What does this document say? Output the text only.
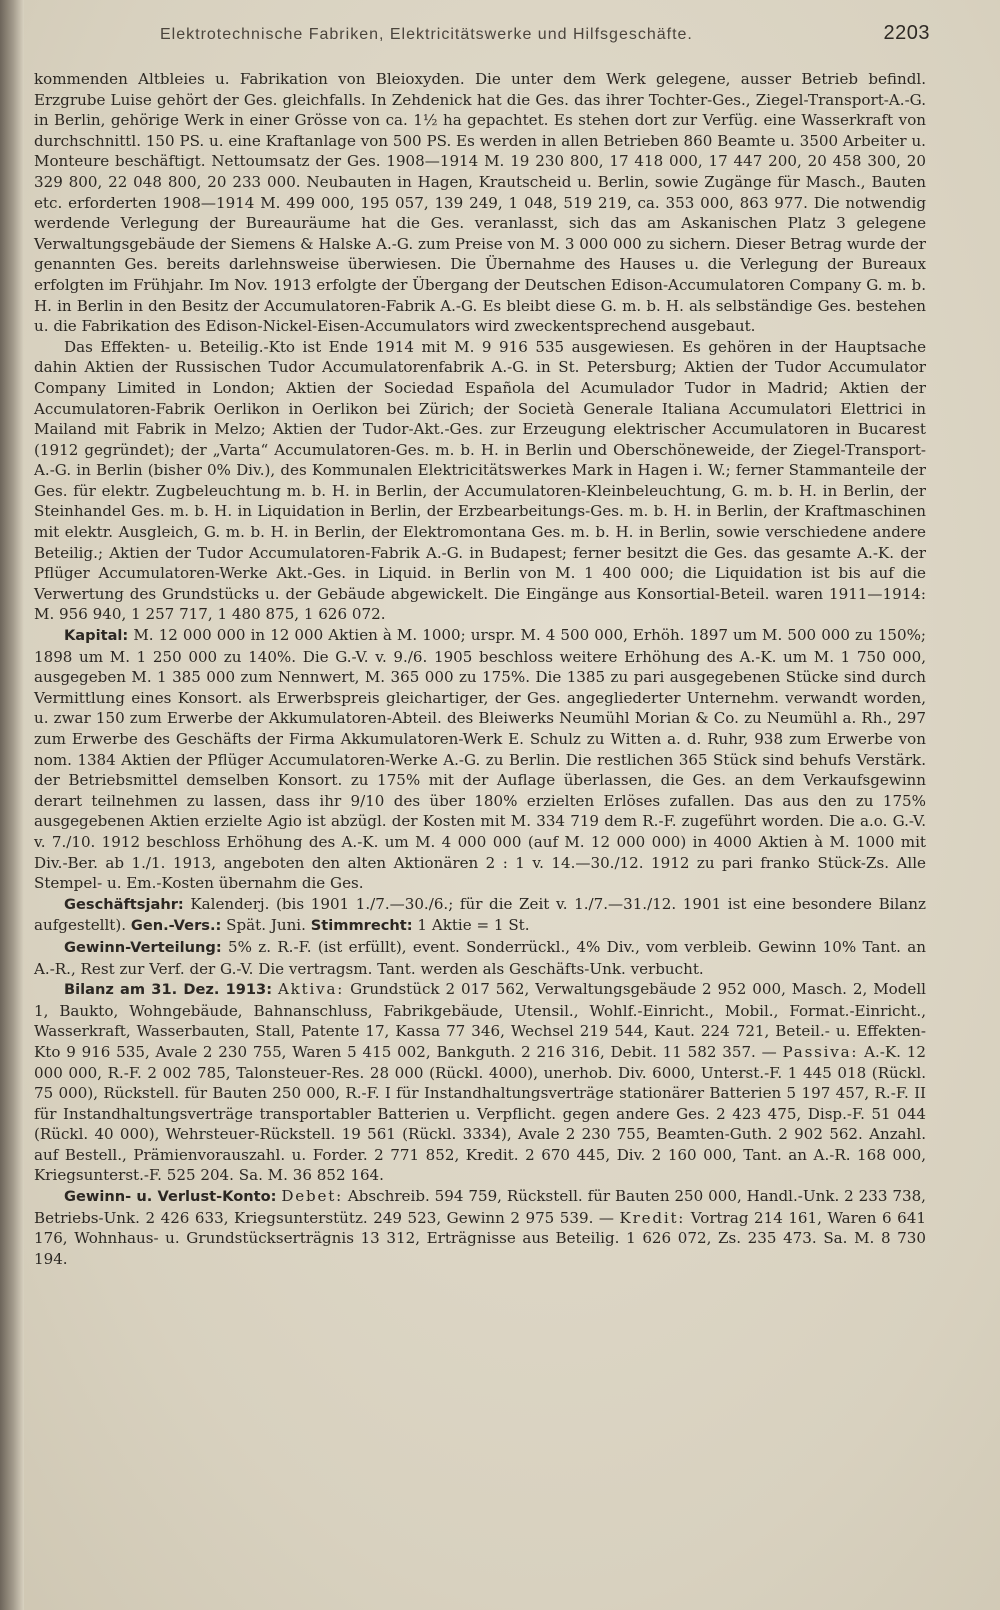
Elektrotechnische Fabriken, Elektricitätswerke und Hilfsgeschäfte.	2203

kommenden Altbleies u. Fabrikation von Bleioxyden. Die unter dem Werk gelegene, ausser Betrieb befindl. Erzgrube Luise gehört der Ges. gleichfalls. In Zehdenick hat die Ges. das ihrer Tochter-Ges., Ziegel-Transport-A.-G. in Berlin, gehörige Werk in einer Grösse von ca. 1½ ha gepachtet. Es stehen dort zur Verfüg. eine Wasserkraft von durchschnittl. 150 PS. u. eine Kraftanlage von 500 PS. Es werden in allen Betrieben 860 Beamte u. 3500 Arbeiter u. Monteure beschäftigt. Nettoumsatz der Ges. 1908—1914 M. 19 230 800, 17 418 000, 17 447 200, 20 458 300, 20 329 800, 22 048 800, 20 233 000. Neubauten in Hagen, Krautscheid u. Berlin, sowie Zugänge für Masch., Bauten etc. erforderten 1908—1914 M. 499 000, 195 057, 139 249, 1 048, 519 219, ca. 353 000, 863 977. Die notwendig werdende Verlegung der Bureauräume hat die Ges. veranlasst, sich das am Askanischen Platz 3 gelegene Verwaltungsgebäude der Siemens & Halske A.-G. zum Preise von M. 3 000 000 zu sichern. Dieser Betrag wurde der genannten Ges. bereits darlehnsweise überwiesen. Die Übernahme des Hauses u. die Verlegung der Bureaux erfolgten im Frühjahr. Im Nov. 1913 erfolgte der Übergang der Deutschen Edison-Accumulatoren Company G. m. b. H. in Berlin in den Besitz der Accumulatoren-Fabrik A.-G. Es bleibt diese G. m. b. H. als selbständige Ges. bestehen u. die Fabrikation des Edison-Nickel-Eisen-Accumulators wird zweckentsprechend ausgebaut.

Das Effekten- u. Beteilig.-Kto ist Ende 1914 mit M. 9 916 535 ausgewiesen. Es gehören in der Hauptsache dahin Aktien der Russischen Tudor Accumulatorenfabrik A.-G. in St. Petersburg; Aktien der Tudor Accumulator Company Limited in London; Aktien der Sociedad Española del Acumulador Tudor in Madrid; Aktien der Accumulatoren-Fabrik Oerlikon in Oerlikon bei Zürich; der Società Generale Italiana Accumulatori Elettrici in Mailand mit Fabrik in Melzo; Aktien der Tudor-Akt.-Ges. zur Erzeugung elektrischer Accumulatoren in Bucarest (1912 gegründet); der „Varta“ Accumulatoren-Ges. m. b. H. in Berlin und Oberschöneweide, der Ziegel-Transport-A.-G. in Berlin (bisher 0% Div.), des Kommunalen Elektricitätswerkes Mark in Hagen i. W.; ferner Stammanteile der Ges. für elektr. Zugbeleuchtung m. b. H. in Berlin, der Accumulatoren-Kleinbeleuchtung, G. m. b. H. in Berlin, der Steinhandel Ges. m. b. H. in Liquidation in Berlin, der Erzbearbeitungs-Ges. m. b. H. in Berlin, der Kraftmaschinen mit elektr. Ausgleich, G. m. b. H. in Berlin, der Elektromontana Ges. m. b. H. in Berlin, sowie verschiedene andere Beteilig.; Aktien der Tudor Accumulatoren-Fabrik A.-G. in Budapest; ferner besitzt die Ges. das gesamte A.-K. der Pflüger Accumulatoren-Werke Akt.-Ges. in Liquid. in Berlin von M. 1 400 000; die Liquidation ist bis auf die Verwertung des Grundstücks u. der Gebäude abgewickelt. Die Eingänge aus Konsortial-Beteil. waren 1911—1914: M. 956 940, 1 257 717, 1 480 875, 1 626 072.

Kapital: M. 12 000 000 in 12 000 Aktien à M. 1000; urspr. M. 4 500 000, Erhöh. 1897 um M. 500 000 zu 150%; 1898 um M. 1 250 000 zu 140%. Die G.-V. v. 9./6. 1905 beschloss weitere Erhöhung des A.-K. um M. 1 750 000, ausgegeben M. 1 385 000 zum Nennwert, M. 365 000 zu 175%. Die 1385 zu pari ausgegebenen Stücke sind durch Vermittlung eines Konsort. als Erwerbspreis gleichartiger, der Ges. angegliederter Unternehm. verwandt worden, u. zwar 150 zum Erwerbe der Akkumulatoren-Abteil. des Bleiwerks Neumühl Morian & Co. zu Neumühl a. Rh., 297 zum Erwerbe des Geschäfts der Firma Akkumulatoren-Werk E. Schulz zu Witten a. d. Ruhr, 938 zum Erwerbe von nom. 1384 Aktien der Pflüger Accumulatoren-Werke A.-G. zu Berlin. Die restlichen 365 Stück sind behufs Verstärk. der Betriebsmittel demselben Konsort. zu 175% mit der Auflage überlassen, die Ges. an dem Verkaufsgewinn derart teilnehmen zu lassen, dass ihr 9/10 des über 180% erzielten Erlöses zufallen. Das aus den zu 175% ausgegebenen Aktien erzielte Agio ist abzügl. der Kosten mit M. 334 719 dem R.-F. zugeführt worden. Die a.o. G.-V. v. 7./10. 1912 beschloss Erhöhung des A.-K. um M. 4 000 000 (auf M. 12 000 000) in 4000 Aktien à M. 1000 mit Div.-Ber. ab 1./1. 1913, angeboten den alten Aktionären 2 : 1 v. 14.—30./12. 1912 zu pari franko Stück-Zs. Alle Stempel- u. Em.-Kosten übernahm die Ges.

Geschäftsjahr: Kalenderj. (bis 1901 1./7.—30./6.; für die Zeit v. 1./7.—31./12. 1901 ist eine besondere Bilanz aufgestellt). Gen.-Vers.: Spät. Juni. Stimmrecht: 1 Aktie = 1 St.

Gewinn-Verteilung: 5% z. R.-F. (ist erfüllt), event. Sonderrückl., 4% Div., vom verbleib. Gewinn 10% Tant. an A.-R., Rest zur Verf. der G.-V. Die vertragsm. Tant. werden als Geschäfts-Unk. verbucht.

Bilanz am 31. Dez. 1913: Aktiva: Grundstück 2 017 562, Verwaltungsgebäude 2 952 000, Masch. 2, Modell 1, Baukto, Wohngebäude, Bahnanschluss, Fabrikgebäude, Utensil., Wohlf.-Einricht., Mobil., Format.-Einricht., Wasserkraft, Wasserbauten, Stall, Patente 17, Kassa 77 346, Wechsel 219 544, Kaut. 224 721, Beteil.- u. Effekten-Kto 9 916 535, Avale 2 230 755, Waren 5 415 002, Bankguth. 2 216 316, Debit. 11 582 357. — Passiva: A.-K. 12 000 000, R.-F. 2 002 785, Talonsteuer-Res. 28 000 (Rückl. 4000), unerhob. Div. 6000, Unterst.-F. 1 445 018 (Rückl. 75 000), Rückstell. für Bauten 250 000, R.-F. I für Instandhaltungsverträge stationärer Batterien 5 197 457, R.-F. II für Instandhaltungsverträge transportabler Batterien u. Verpflicht. gegen andere Ges. 2 423 475, Disp.-F. 51 044 (Rückl. 40 000), Wehrsteuer-Rückstell. 19 561 (Rückl. 3334), Avale 2 230 755, Beamten-Guth. 2 902 562. Anzahl. auf Bestell., Prämienvorauszahl. u. Forder. 2 771 852, Kredit. 2 670 445, Div. 2 160 000, Tant. an A.-R. 168 000, Kriegsunterst.-F. 525 204. Sa. M. 36 852 164.

Gewinn- u. Verlust-Konto: Debet: Abschreib. 594 759, Rückstell. für Bauten 250 000, Handl.-Unk. 2 233 738, Betriebs-Unk. 2 426 633, Kriegsunterstütz. 249 523, Gewinn 2 975 539. — Kredit: Vortrag 214 161, Waren 6 641 176, Wohnhaus- u. Grundstückserträgnis 13 312, Erträgnisse aus Beteilig. 1 626 072, Zs. 235 473. Sa. M. 8 730 194.
